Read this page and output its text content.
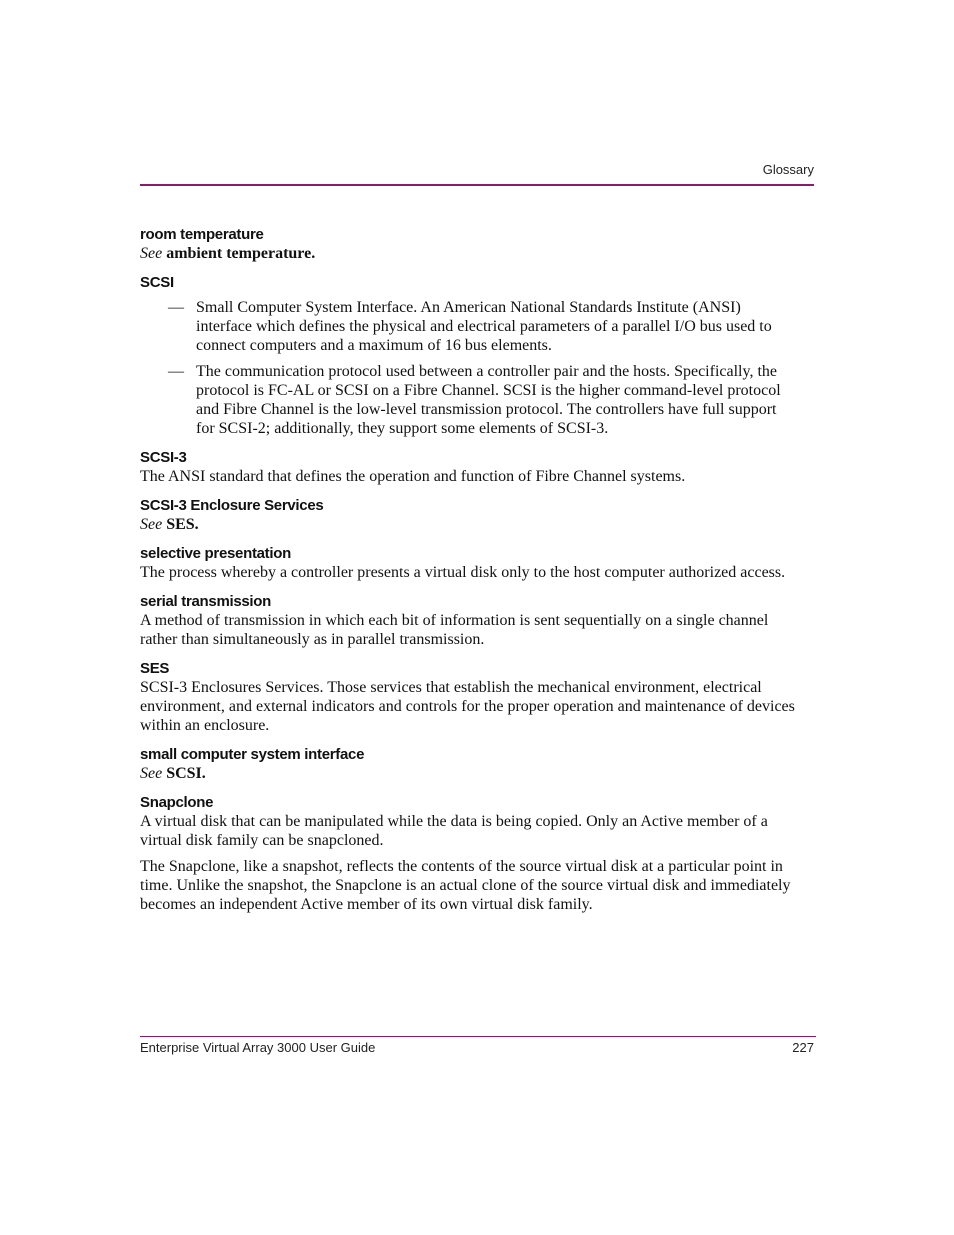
Glossary

room temperature

See ambient temperature.

SCSI

— Small Computer System Interface. An American National Standards Institute (ANSI) interface which defines the physical and electrical parameters of a parallel I/O bus used to connect computers and a maximum of 16 bus elements.
— The communication protocol used between a controller pair and the hosts. Specifically, the protocol is FC-AL or SCSI on a Fibre Channel. SCSI is the higher command-level protocol and Fibre Channel is the low-level transmission protocol. The controllers have full support for SCSI-2; additionally, they support some elements of SCSI-3.

SCSI-3

The ANSI standard that defines the operation and function of Fibre Channel systems.

SCSI-3 Enclosure Services

See SES.

selective presentation

The process whereby a controller presents a virtual disk only to the host computer authorized access.

serial transmission

A method of transmission in which each bit of information is sent sequentially on a single channel rather than simultaneously as in parallel transmission.

SES

SCSI-3 Enclosures Services. Those services that establish the mechanical environment, electrical environment, and external indicators and controls for the proper operation and maintenance of devices within an enclosure.

small computer system interface

See SCSI.

Snapclone

A virtual disk that can be manipulated while the data is being copied. Only an Active member of a virtual disk family can be snapcloned.

The Snapclone, like a snapshot, reflects the contents of the source virtual disk at a particular point in time. Unlike the snapshot, the Snapclone is an actual clone of the source virtual disk and immediately becomes an independent Active member of its own virtual disk family.

Enterprise Virtual Array 3000 User Guide	227
